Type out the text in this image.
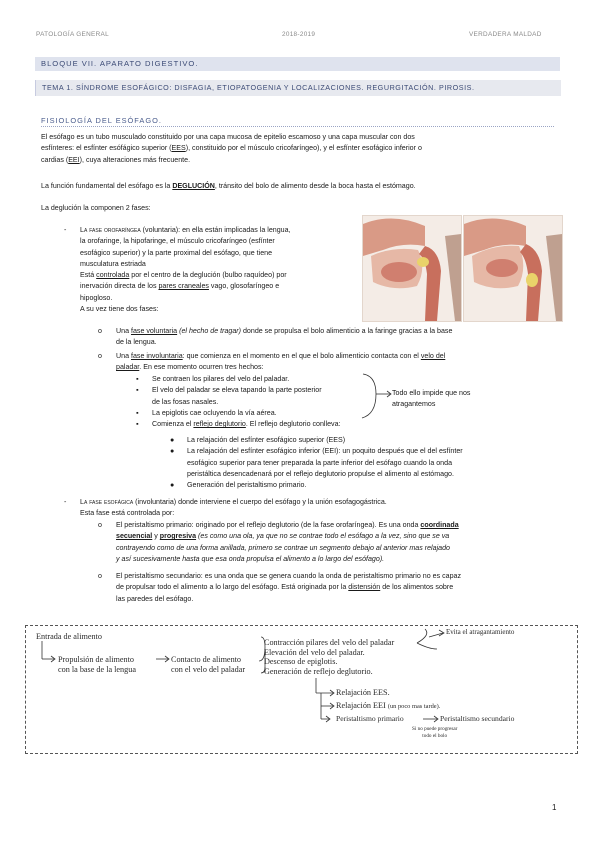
PATOLOGÍA GENERAL	2018-2019	VERDADERA MALDAD
BLOQUE VII. APARATO DIGESTIVO.
TEMA 1. SÍNDROME ESOFÁGICO: DISFAGIA, ETIOPATOGENIA Y LOCALIZACIONES. REGURGITACIÓN. PIROSIS.
FISIOLOGÍA DEL ESÓFAGO.
El esófago es un tubo musculado constituido por una capa mucosa de epitelio escamoso y una capa muscular con dos
esfínteres: el esfínter esófágico superior (EES), constituido por el músculo cricofaríngeo), y el esfínter esofágico inferior o
cardias (EEI), cuya alteraciones más frecuente.
La función fundamental del esófago es la DEGLUCIÓN, tránsito del bolo de alimento desde la boca hasta el estómago.
La deglución la componen 2 fases:
- La fase orofaríngea (voluntaria): en ella están implicadas la lengua,
la orofaringe, la hipofaringe, el músculo cricofaríngeo (esfínter
esofágico superior) y la parte proximal del esófago, que tiene
musculatura estriada
Está controlada por el centro de la deglución (bulbo raquídeo) por
inervación directa de los pares craneales vago, glosofaríngeo e
hipogloso.
A su vez tiene dos fases:
o Una fase voluntaria (el hecho de tragar) donde se propulsa el bolo alimenticio a la faringe gracias a la base
de la lengua.
o Una fase involuntaria: que comienza en el momento en el que el bolo alimenticio contacta con el velo del
paladar. En ese momento ocurren tres hechos:
▪	Se contraen los pilares del velo del paladar.
▪	El velo del paladar se eleva tapando la parte posterior
de las fosas nasales.
▪	La epiglotis cae ocluyendo la vía aérea.
▪	Comienza el reflejo deglutorio. El reflejo deglutorio conlleva:
Todo ello impide que nos
atragantemos
●	La relajación del esfínter esofágico superior (EES)
●	La relajación del esfínter esofágico inferior (EEI): un poquito después que el del esfínter
esofágico superior para tener preparada la parte inferior del esófago cuando la onda
peristáltica desencadenará por el reflejo deglutorio propulse el alimento al estómago.
●	Generación del peristaltismo primario.
- La fase esofágica (involuntaria) donde interviene el cuerpo del esófago y la unión esofagogástrica.
Esta fase está controlada por:
o El peristaltismo primario: originado por el reflejo deglutorio (de la fase orofaríngea). Es una onda coordinada
secuencial y progresiva (es como una ola, ya que no se contrae todo el esófago a la vez, sino que se va
contrayendo como de una forma anillada, primero se contrae un segmento debajo al anterior mas relajado
y así sucesivamente hasta que esa onda propulsa el alimento a lo largo del esófago).
o El peristaltismo secundario: es una onda que se genera cuando la onda de peristaltismo primario no es capaz
de propulsar todo el alimento a lo largo del esófago. Está originada por la distensión de los alimentos sobre
las paredes del esófago.
Entrada de alimento
Propulsión de alimento
con la base de la lengua
Contacto de alimento
con el velo del paladar
Contracción pilares del velo del paladar
Elevación del velo del paladar.
Descenso de epiglotis.
Generación de reflejo deglutorio.
Evita el atragantamiento
Relajación EES.
Relajación EEI (un poco mas tarde).
Peristaltismo primario	Peristaltismo secundario
Si no puede progresar
todo el bolo
1
